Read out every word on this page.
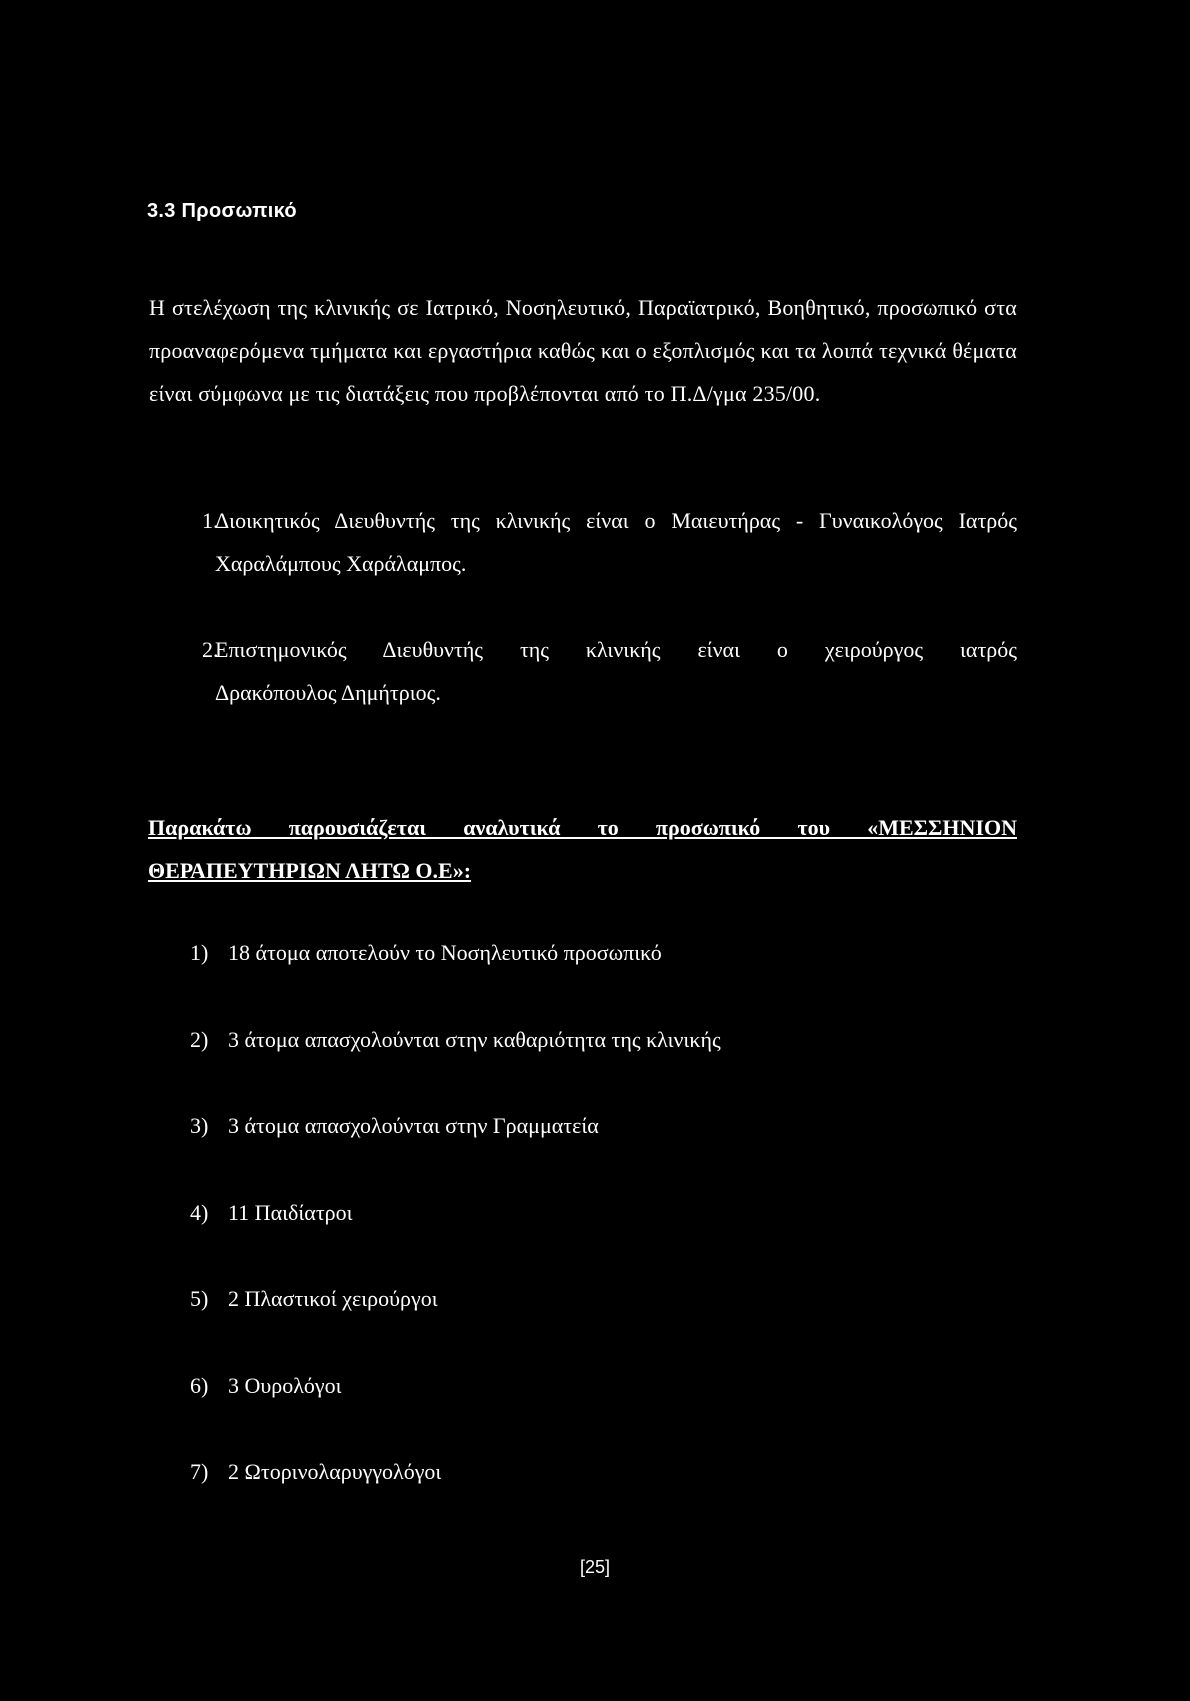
3.3 Προσωπικό
Η στελέχωση της κλινικής σε Ιατρικό, Νοσηλευτικό, Παραϊατρικό, Βοηθητικό, προσωπικό στα προαναφερόμενα τμήματα και εργαστήρια καθώς και ο εξοπλισμός και τα λοιπά τεχνικά θέματα είναι σύμφωνα με τις διατάξεις που προβλέπονται από το Π.Δ/γμα 235/00.
1.
Διοικητικός Διευθυντής της κλινικής είναι ο Μαιευτήρας - Γυναικολόγος Ιατρός Χαραλάμπους Χαράλαμπος.
2.
Επιστημονικός Διευθυντής της κλινικής είναι ο χειρούργος ιατρός
Δρακόπουλος Δημήτριος.
Παρακάτω παρουσιάζεται αναλυτικά το προσωπικό του «ΜΕΣΣΗΝΙΟΝ
ΘΕΡΑΠΕΥΤΗΡΙΩΝ ΛΗΤΩ Ο.Ε»:
1) 18 άτομα αποτελούν το Νοσηλευτικό προσωπικό
2) 3 άτομα απασχολούνται στην καθαριότητα της κλινικής
3) 3 άτομα απασχολούνται στην Γραμματεία
4) 11 Παιδίατροι
5) 2 Πλαστικοί χειρούργοι
6) 3 Ουρολόγοι
7) 2 Ωτορινολαρυγγολόγοι
[25]
